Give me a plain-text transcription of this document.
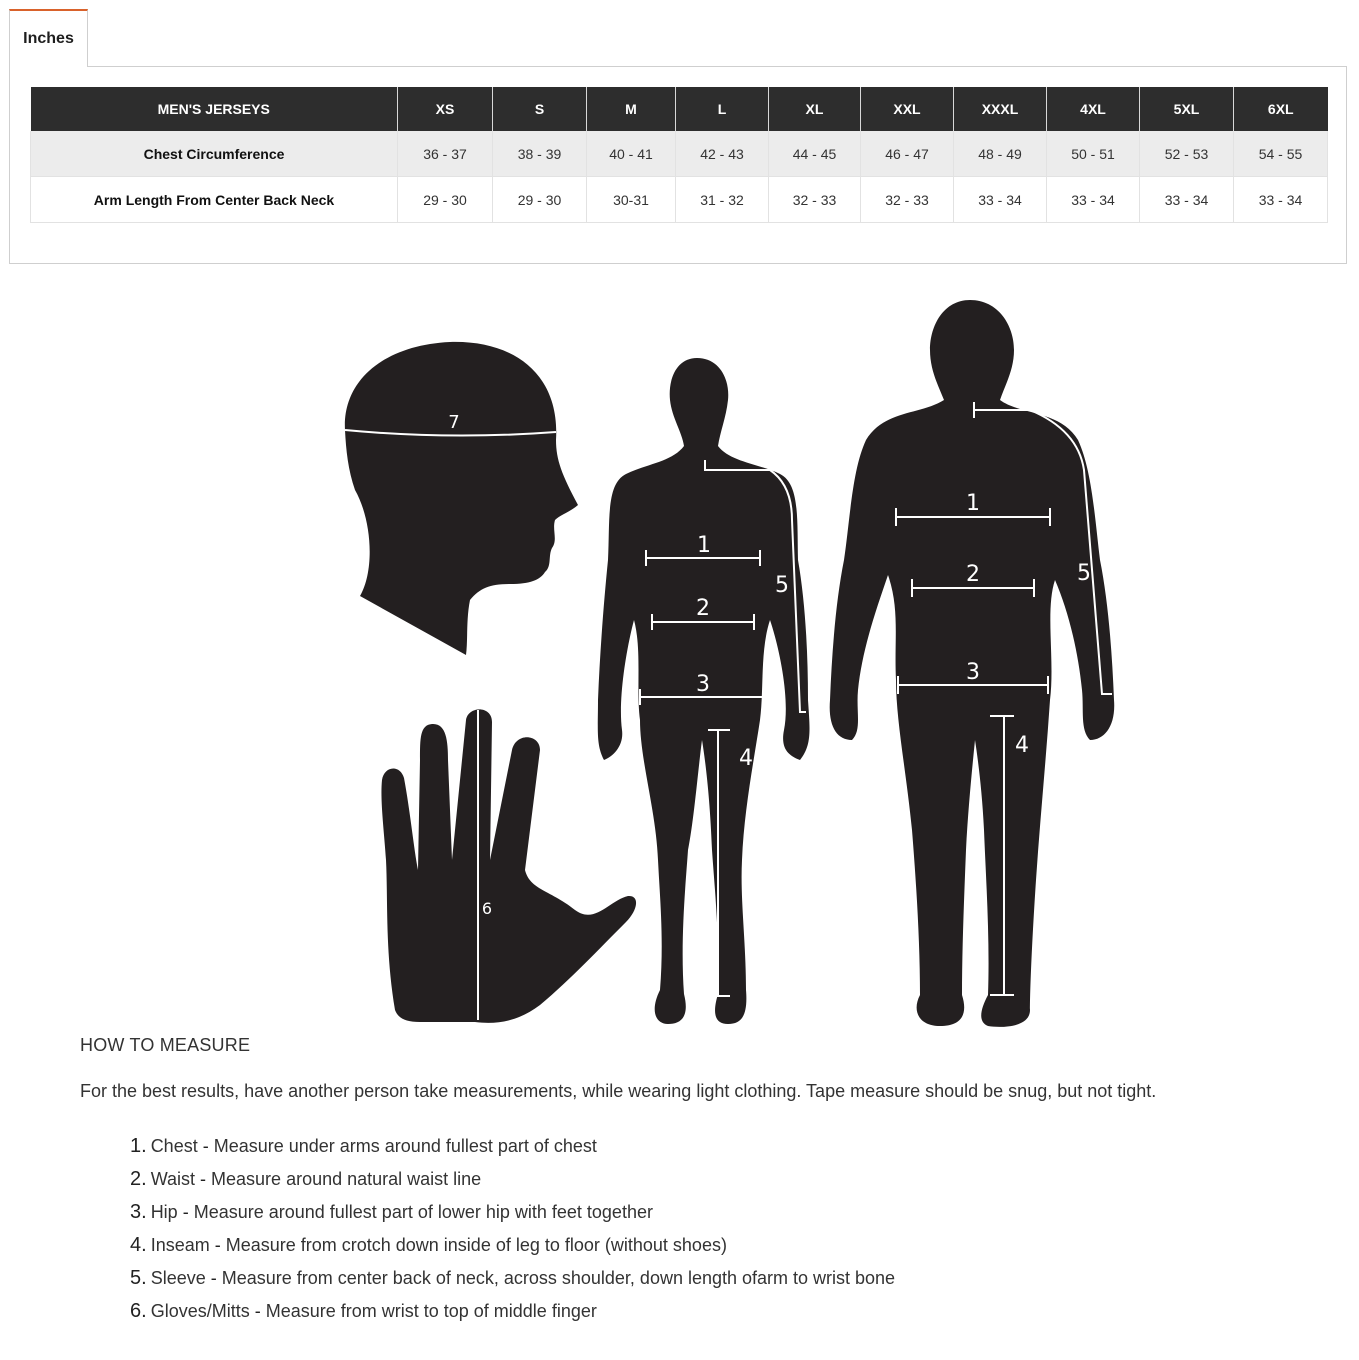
Inches
MEN'S JERSEYS	XS	S	M	L	XL	XXL	XXXL	4XL	5XL	6XL
Chest Circumference	36 - 37	38 - 39	40 - 41	42 - 43	44 - 45	46 - 47	48 - 49	50 - 51	52 - 53	54 - 55
Arm Length From Center Back Neck	29 - 30	29 - 30	30-31	31 - 32	32 - 33	32 - 33	33 - 34	33 - 34	33 - 34	33 - 34
7
6
1
2
3
4
5
1
2
3
4
5
HOW TO MEASURE
For the best results, have another person take measurements, while wearing light clothing. Tape measure should be snug, but not tight.
1. Chest - Measure under arms around fullest part of chest
2. Waist - Measure around natural waist line
3. Hip - Measure around fullest part of lower hip with feet together
4. Inseam - Measure from crotch down inside of leg to floor (without shoes)
5. Sleeve - Measure from center back of neck, across shoulder, down length ofarm to wrist bone
6. Gloves/Mitts - Measure from wrist to top of middle finger
